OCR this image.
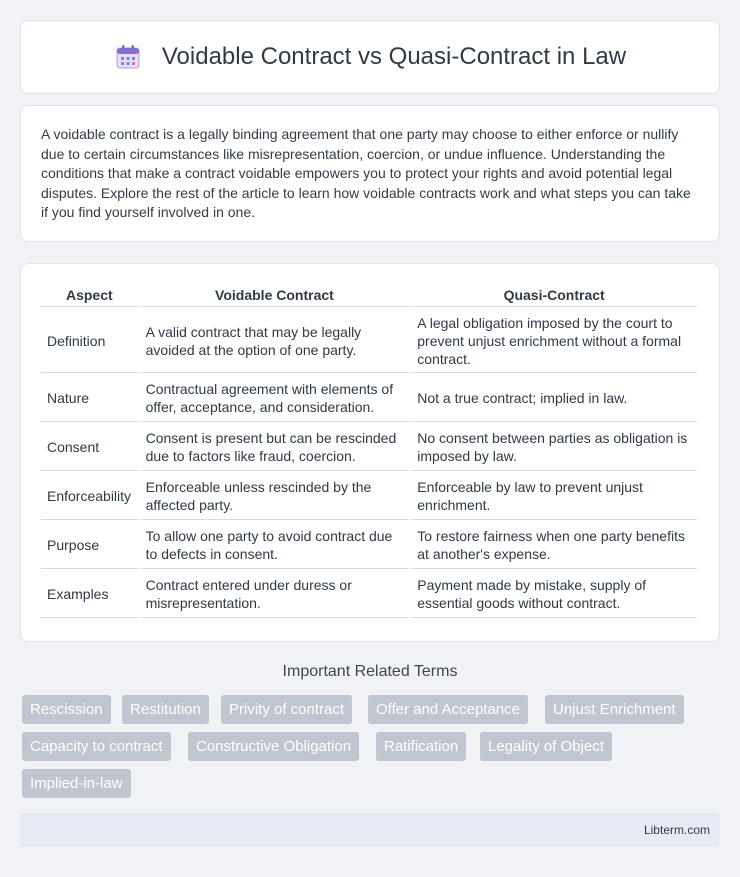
Voidable Contract vs Quasi-Contract in Law

A voidable contract is a legally binding agreement that one party may choose to either enforce or nullify due to certain circumstances like misrepresentation, coercion, or undue influence. Understanding the conditions that make a contract voidable empowers you to protect your rights and avoid potential legal disputes. Explore the rest of the article to learn how voidable contracts work and what steps you can take if you find yourself involved in one.

Aspect	Voidable Contract	Quasi-Contract
Definition	A valid contract that may be legally avoided at the option of one party.	A legal obligation imposed by the court to prevent unjust enrichment without a formal contract.
Nature	Contractual agreement with elements of offer, acceptance, and consideration.	Not a true contract; implied in law.
Consent	Consent is present but can be rescinded due to factors like fraud, coercion.	No consent between parties as obligation is imposed by law.
Enforceability	Enforceable unless rescinded by the affected party.	Enforceable by law to prevent unjust enrichment.
Purpose	To allow one party to avoid contract due to defects in consent.	To restore fairness when one party benefits at another's expense.
Examples	Contract entered under duress or misrepresentation.	Payment made by mistake, supply of essential goods without contract.
Important Related Terms
Rescission	Restitution	Privity of contract	Offer and Acceptance	Unjust Enrichment
Capacity to contract	Constructive Obligation	Ratification	Legality of Object
Implied-in-law
Libterm.com
